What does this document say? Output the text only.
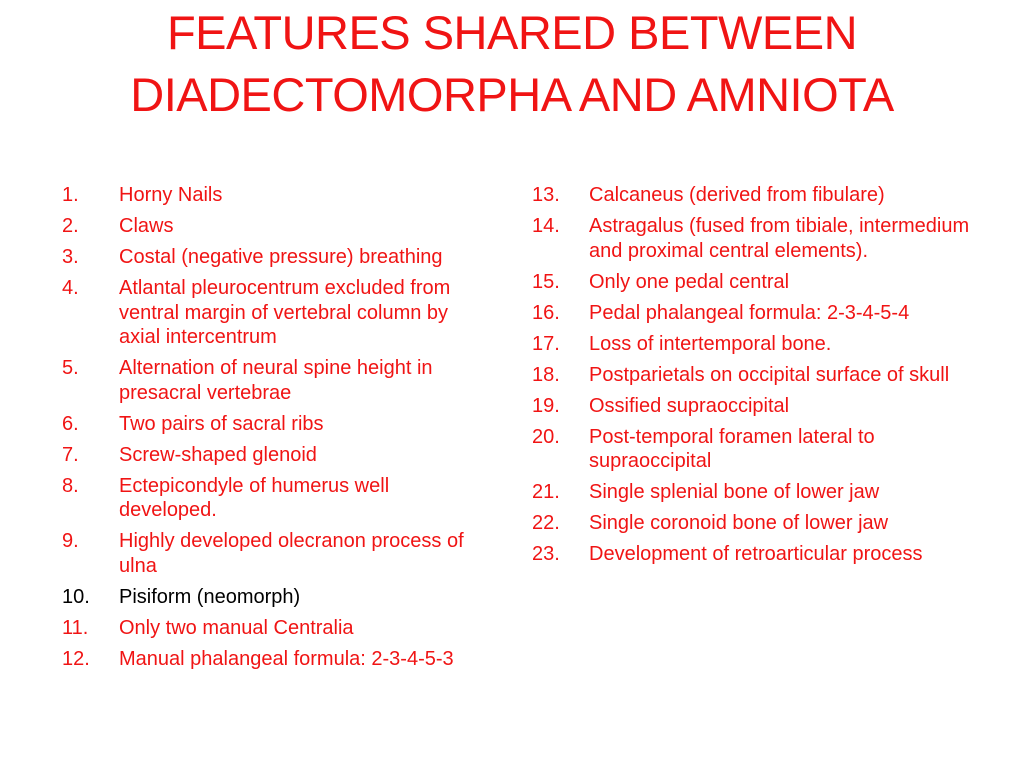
FEATURES SHARED BETWEEN
DIADECTOMORPHA AND AMNIOTA
1.	Horny Nails
2.	Claws
3.	Costal (negative pressure) breathing
4.	Atlantal pleurocentrum excluded from ventral margin of vertebral column by axial intercentrum
5.	Alternation of neural spine height in presacral vertebrae
6.	Two pairs of sacral ribs
7.	Screw-shaped glenoid
8.	Ectepicondyle of humerus well developed.
9.	Highly developed olecranon process of ulna
10.	Pisiform (neomorph)
11.	Only two manual Centralia
12.	Manual phalangeal formula: 2-3-4-5-3
13.	Calcaneus (derived from fibulare)
14.	Astragalus (fused from tibiale, intermedium and proximal central elements).
15.	Only one pedal central
16.	Pedal phalangeal formula: 2-3-4-5-4
17.	Loss of intertemporal bone.
18.	Postparietals on occipital surface of skull
19.	Ossified supraoccipital
20.	Post-temporal foramen lateral to supraoccipital
21.	Single splenial bone of lower jaw
22.	Single coronoid bone of lower jaw
23.	Development of retroarticular process
